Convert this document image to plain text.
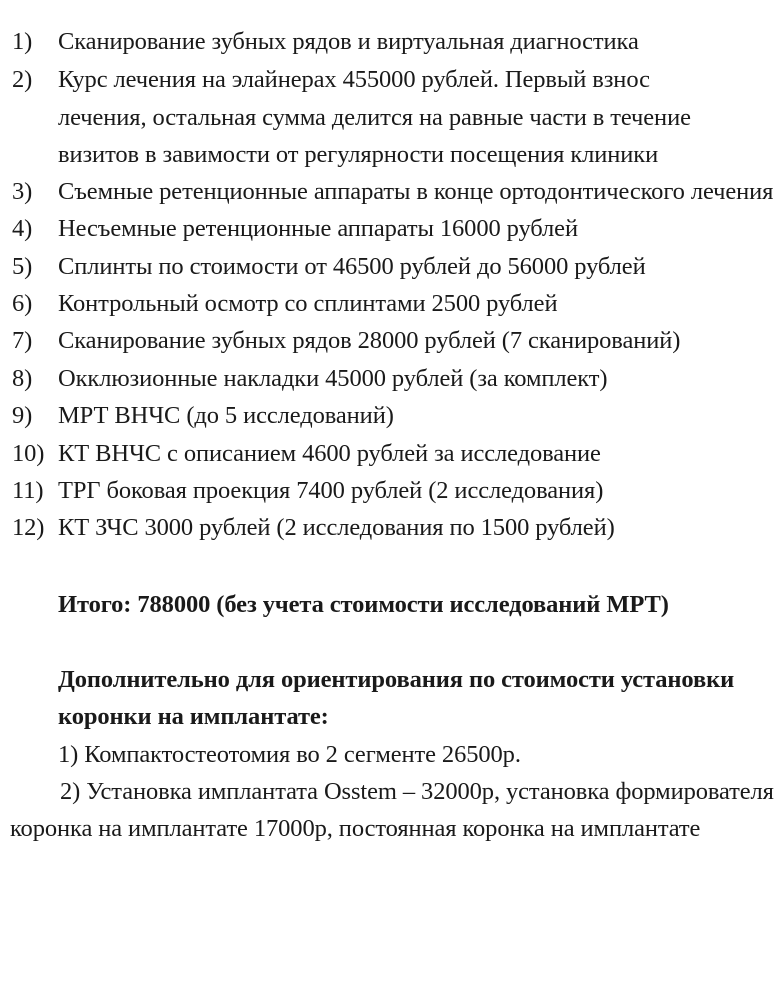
1) Сканирование зубных рядов и виртуальная диагностика
2) Курс лечения на элайнерах 455000 рублей. Первый взнос
лечения, остальная сумма делится на равные части в течение
визитов в завимости от регулярности посещения клиники
3) Съемные ретенционные аппараты в конце ортодонтического лечения
4) Несъемные ретенционные аппараты 16000 рублей
5) Сплинты по стоимости от 46500 рублей до 56000 рублей
6) Контрольный осмотр со сплинтами 2500 рублей
7) Сканирование зубных рядов 28000 рублей (7 сканирований)
8) Окклюзионные накладки 45000 рублей (за комплект)
9) МРТ ВНЧС (до 5 исследований)
10) КТ ВНЧС с описанием 4600 рублей за исследование
11) ТРГ боковая проекция 7400 рублей (2 исследования)
12) КТ ЗЧС 3000 рублей (2 исследования по 1500 рублей)
Итого: 788000 (без учета стоимости исследований МРТ)
Дополнительно для ориентирования по стоимости установки
коронки на имплантате:
1) Компактостеотомия во 2 сегменте 26500р.
2) Установка имплантата Osstem – 32000р, установка формирователя
коронка на имплантате 17000р, постоянная коронка на имплантате
